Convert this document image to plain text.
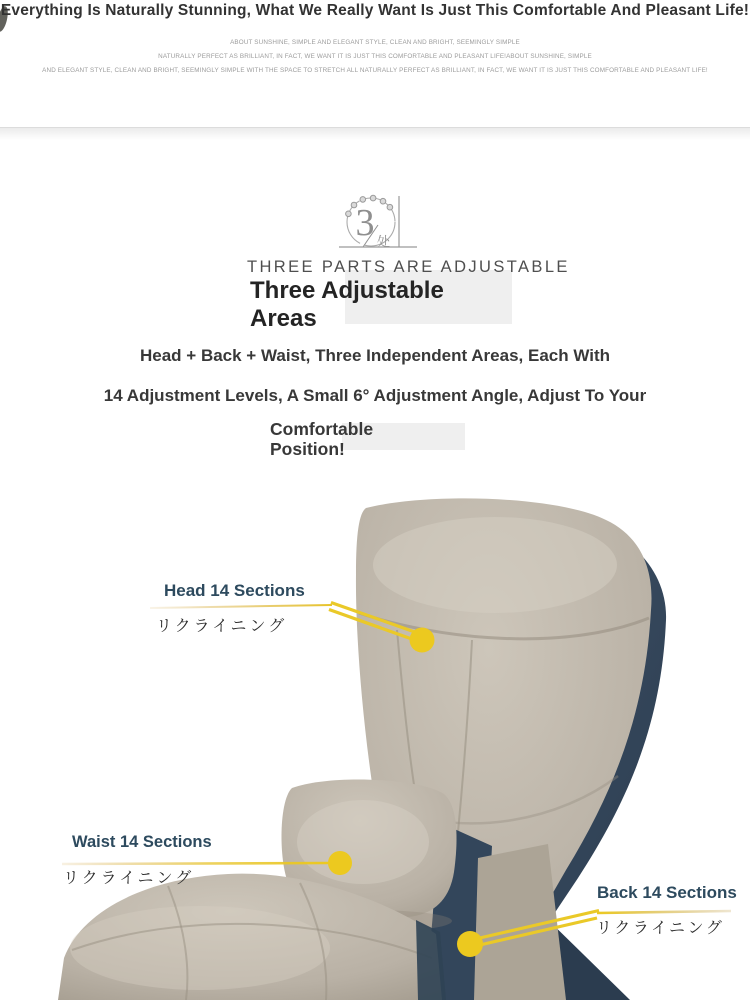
Everything Is Naturally Stunning, What We Really Want Is Just This Comfortable And Pleasant Life!
ABOUT SUNSHINE, SIMPLE AND ELEGANT STYLE, CLEAN AND BRIGHT, SEEMINGLY SIMPLE
NATURALLY PERFECT AS BRILLIANT, IN FACT, WE WANT IT IS JUST THIS COMFORTABLE AND PLEASANT LIFE!ABOUT SUNSHINE, SIMPLE
AND ELEGANT STYLE, CLEAN AND BRIGHT, SEEMINGLY SIMPLE WITH THE SPACE TO STRETCH ALL NATURALLY PERFECT AS BRILLIANT, IN FACT, WE WANT IT IS JUST THIS COMFORTABLE AND PLEASANT LIFE!
3 处
THREE PARTS ARE ADJUSTABLE
Three Adjustable
Areas
Head + Back + Waist, Three Independent Areas, Each With
14 Adjustment Levels, A Small 6° Adjustment Angle, Adjust To Your
Comfortable
Position!
Head 14 Sections
リクライニング
Waist 14 Sections
リクライニング
Back 14 Sections
リクライニング
